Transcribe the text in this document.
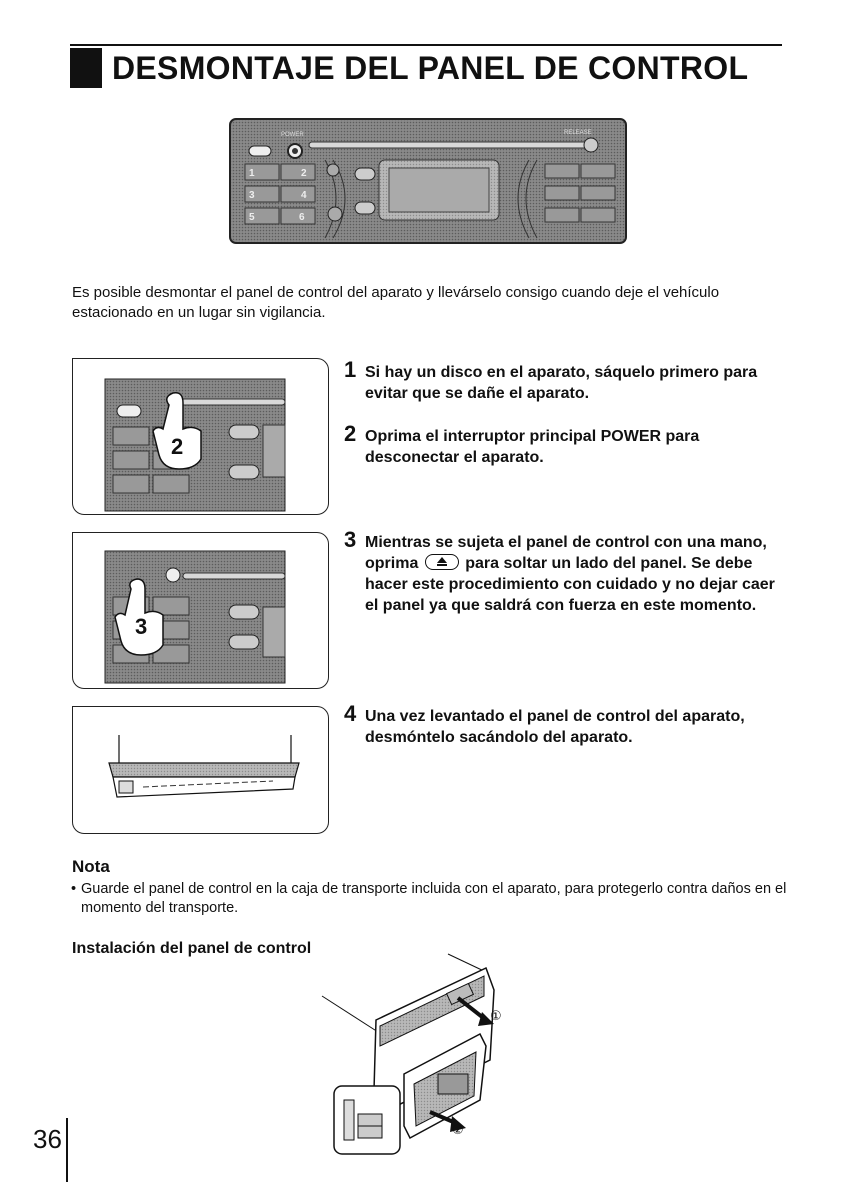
DESMONTAJE DEL PANEL DE CONTROL
POWER	RELEASE
1	2
3	4
5	6

Es posible desmontar el panel de control del aparato y llevárselo consigo cuando deje el vehículo estacionado en un lugar sin vigilancia.

2
1 Si hay un disco en el aparato, sáquelo primero para evitar que se dañe el aparato.
2 Oprima el interruptor principal POWER para desconectar el aparato.
3
3 Mientras se sujeta el panel de control con una mano, oprima	para soltar un lado del panel. Se debe hacer este procedimiento con cuidado y no dejar caer el panel ya que saldrá con fuerza en este momento.
4 Una vez levantado el panel de control del aparato, desmóntelo sacándolo del aparato.
Nota

• Guarde el panel de control en la caja de transporte incluida con el aparato, para protegerlo contra daños en el momento del transporte.

Instalación del panel de control
①
②

36
